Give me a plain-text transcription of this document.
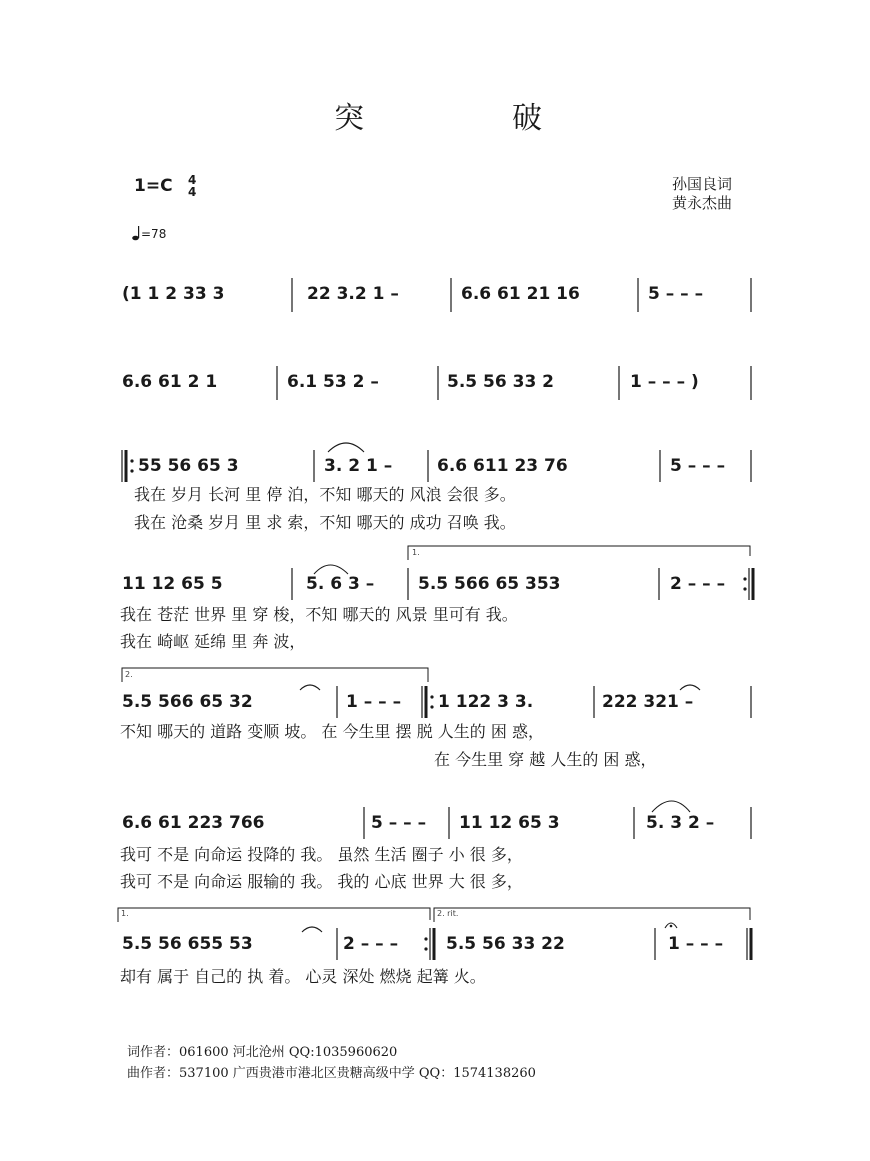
突	破
孙国良词
黄永杰曲
1=C 4
4
=78
(1 1 2 33 3	22 3.2 1 –	6.6 61 21 16	5 – – –
6.6 61 2 1	6.1 53 2 –	5.5 56 33 2	1 – – – )
55 56 65 3	3. 2 1 –	6.6 611 23 76	5 – – –
我在 岁月 长河 里 停 泊，不知 哪天的 风浪 会很 多。
我在 沧桑 岁月 里 求 索，不知 哪天的 成功 召唤 我。
1.
11 12 65 5	5. 6 3 –	5.5 566 65 353	2 – – –
我在 苍茫 世界 里 穿 梭，不知 哪天的 风景 里可有 我。
我在 崎岖 延绵 里 奔 波，
2.
5.5 566 65 32	1 – – – 1 122 3 3.	222 321 –
不知 哪天的 道路 变顺 坡。 在 今生里 摆 脱 人生的 困 惑，
在 今生里 穿 越 人生的 困 惑，
6.6 61 223 766	5 – – – 11 12 65 3	5. 3 2 –
我可 不是 向命运 投降的 我。 虽然 生活 圈子 小 很 多，
我可 不是 向命运 服输的 我。 我的 心底 世界 大 很 多，
1.	2. rit.
5.5 56 655 53	2 – – –	5.5 56 33 22	1 – – –
却有 属于 自己的 执 着。 心灵 深处 燃烧 起篝 火。
词作者：061600 河北沧州 QQ:1035960620
曲作者：537100 广西贵港市港北区贵糖高级中学 QQ：1574138260
